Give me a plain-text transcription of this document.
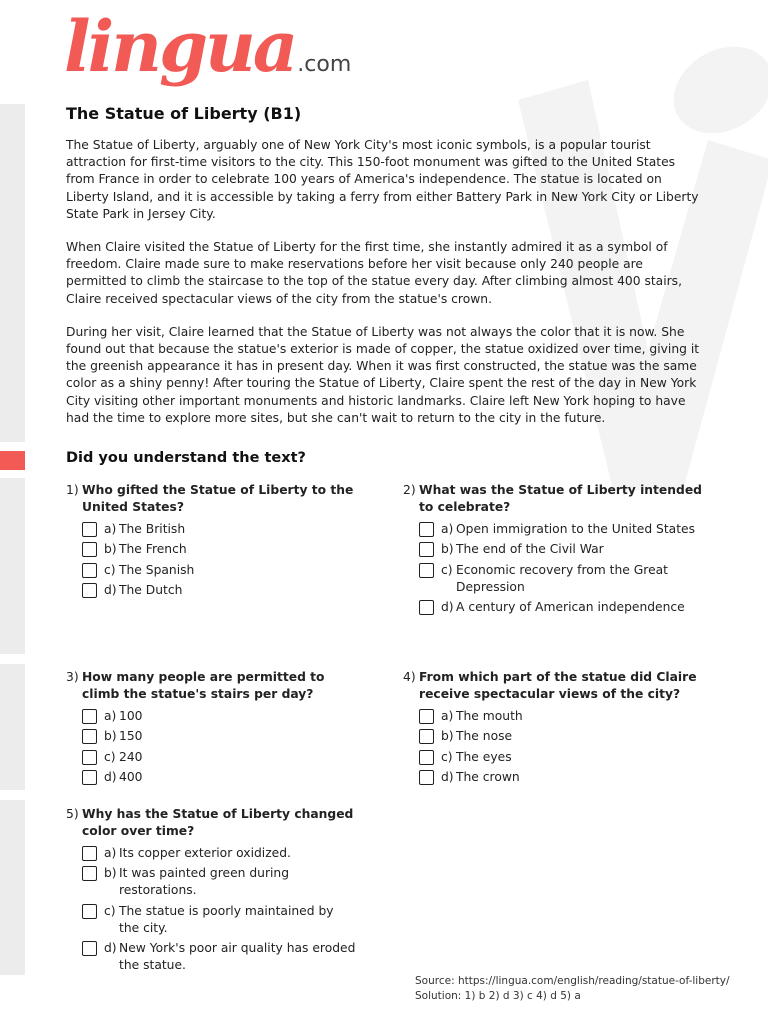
lingua .com
The Statue of Liberty (B1)

The Statue of Liberty, arguably one of New York City's most iconic symbols, is a popular tourist attraction for first-time visitors to the city. This 150-foot monument was gifted to the United States from France in order to celebrate 100 years of America's independence. The statue is located on Liberty Island, and it is accessible by taking a ferry from either Battery Park in New York City or Liberty State Park in Jersey City.

When Claire visited the Statue of Liberty for the first time, she instantly admired it as a symbol of freedom. Claire made sure to make reservations before her visit because only 240 people are permitted to climb the staircase to the top of the statue every day. After climbing almost 400 stairs, Claire received spectacular views of the city from the statue's crown.

During her visit, Claire learned that the Statue of Liberty was not always the color that it is now. She found out that because the statue's exterior is made of copper, the statue oxidized over time, giving it the greenish appearance it has in present day. When it was first constructed, the statue was the same color as a shiny penny! After touring the Statue of Liberty, Claire spent the rest of the day in New York City visiting other important monuments and historic landmarks. Claire left New York hoping to have had the time to explore more sites, but she can't wait to return to the city in the future.

Did you understand the text?
1) Who gifted the Statue of Liberty to the United States?
a) The British
b) The French
c) The Spanish
d) The Dutch
2) What was the Statue of Liberty intended to celebrate?
a) Open immigration to the United States
b) The end of the Civil War
c) Economic recovery from the Great Depression
d) A century of American independence
3) How many people are permitted to climb the statue's stairs per day?
a) 100
b) 150
c) 240
d) 400
4) From which part of the statue did Claire receive spectacular views of the city?
a) The mouth
b) The nose
c) The eyes
d) The crown
5) Why has the Statue of Liberty changed color over time?
a) Its copper exterior oxidized.
b) It was painted green during restorations.
c) The statue is poorly maintained by the city.
d) New York's poor air quality has eroded the statue.
Source: https://lingua.com/english/reading/statue-of-liberty/
Solution: 1) b 2) d 3) c 4) d 5) a
